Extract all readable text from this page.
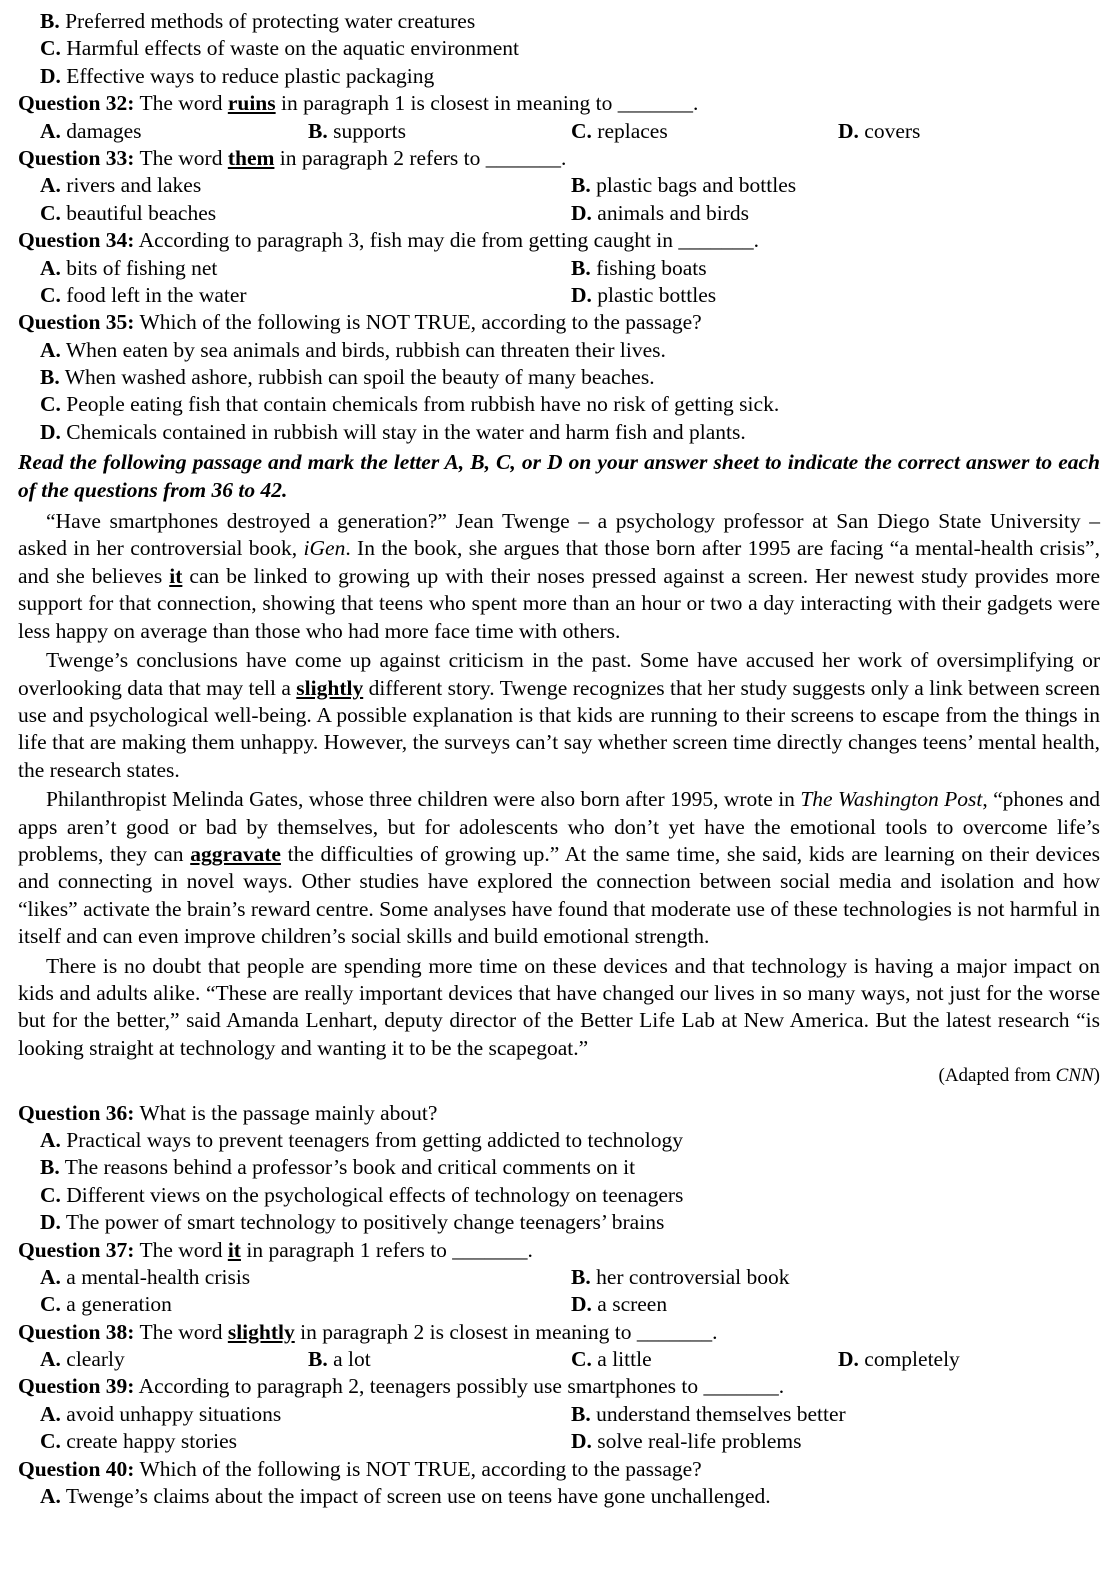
B. Preferred methods of protecting water creatures
C. Harmful effects of waste on the aquatic environment
D. Effective ways to reduce plastic packaging
Question 32: The word ruins in paragraph 1 is closest in meaning to _______.
A. damages	B. supports	C. replaces	D. covers
Question 33: The word them in paragraph 2 refers to _______.
A. rivers and lakes	B. plastic bags and bottles
C. beautiful beaches	D. animals and birds
Question 34: According to paragraph 3, fish may die from getting caught in _______.
A. bits of fishing net	B. fishing boats
C. food left in the water	D. plastic bottles
Question 35: Which of the following is NOT TRUE, according to the passage?
A. When eaten by sea animals and birds, rubbish can threaten their lives.
B. When washed ashore, rubbish can spoil the beauty of many beaches.
C. People eating fish that contain chemicals from rubbish have no risk of getting sick.
D. Chemicals contained in rubbish will stay in the water and harm fish and plants.
Read the following passage and mark the letter A, B, C, or D on your answer sheet to indicate the correct answer to each of the questions from 36 to 42.
“Have smartphones destroyed a generation?” Jean Twenge – a psychology professor at San Diego State University – asked in her controversial book, iGen. In the book, she argues that those born after 1995 are facing “a mental-health crisis”, and she believes it can be linked to growing up with their noses pressed against a screen. Her newest study provides more support for that connection, showing that teens who spent more than an hour or two a day interacting with their gadgets were less happy on average than those who had more face time with others.
Twenge’s conclusions have come up against criticism in the past. Some have accused her work of oversimplifying or overlooking data that may tell a slightly different story. Twenge recognizes that her study suggests only a link between screen use and psychological well-being. A possible explanation is that kids are running to their screens to escape from the things in life that are making them unhappy. However, the surveys can’t say whether screen time directly changes teens’ mental health, the research states.
Philanthropist Melinda Gates, whose three children were also born after 1995, wrote in The Washington Post, “phones and apps aren’t good or bad by themselves, but for adolescents who don’t yet have the emotional tools to overcome life’s problems, they can aggravate the difficulties of growing up.” At the same time, she said, kids are learning on their devices and connecting in novel ways. Other studies have explored the connection between social media and isolation and how “likes” activate the brain’s reward centre. Some analyses have found that moderate use of these technologies is not harmful in itself and can even improve children’s social skills and build emotional strength.
There is no doubt that people are spending more time on these devices and that technology is having a major impact on kids and adults alike. “These are really important devices that have changed our lives in so many ways, not just for the worse but for the better,” said Amanda Lenhart, deputy director of the Better Life Lab at New America. But the latest research “is looking straight at technology and wanting it to be the scapegoat.”
(Adapted from CNN)
Question 36: What is the passage mainly about?
A. Practical ways to prevent teenagers from getting addicted to technology
B. The reasons behind a professor’s book and critical comments on it
C. Different views on the psychological effects of technology on teenagers
D. The power of smart technology to positively change teenagers’ brains
Question 37: The word it in paragraph 1 refers to _______.
A. a mental-health crisis	B. her controversial book
C. a generation	D. a screen
Question 38: The word slightly in paragraph 2 is closest in meaning to _______.
A. clearly	B. a lot	C. a little	D. completely
Question 39: According to paragraph 2, teenagers possibly use smartphones to _______.
A. avoid unhappy situations	B. understand themselves better
C. create happy stories	D. solve real-life problems
Question 40: Which of the following is NOT TRUE, according to the passage?
A. Twenge’s claims about the impact of screen use on teens have gone unchallenged.
